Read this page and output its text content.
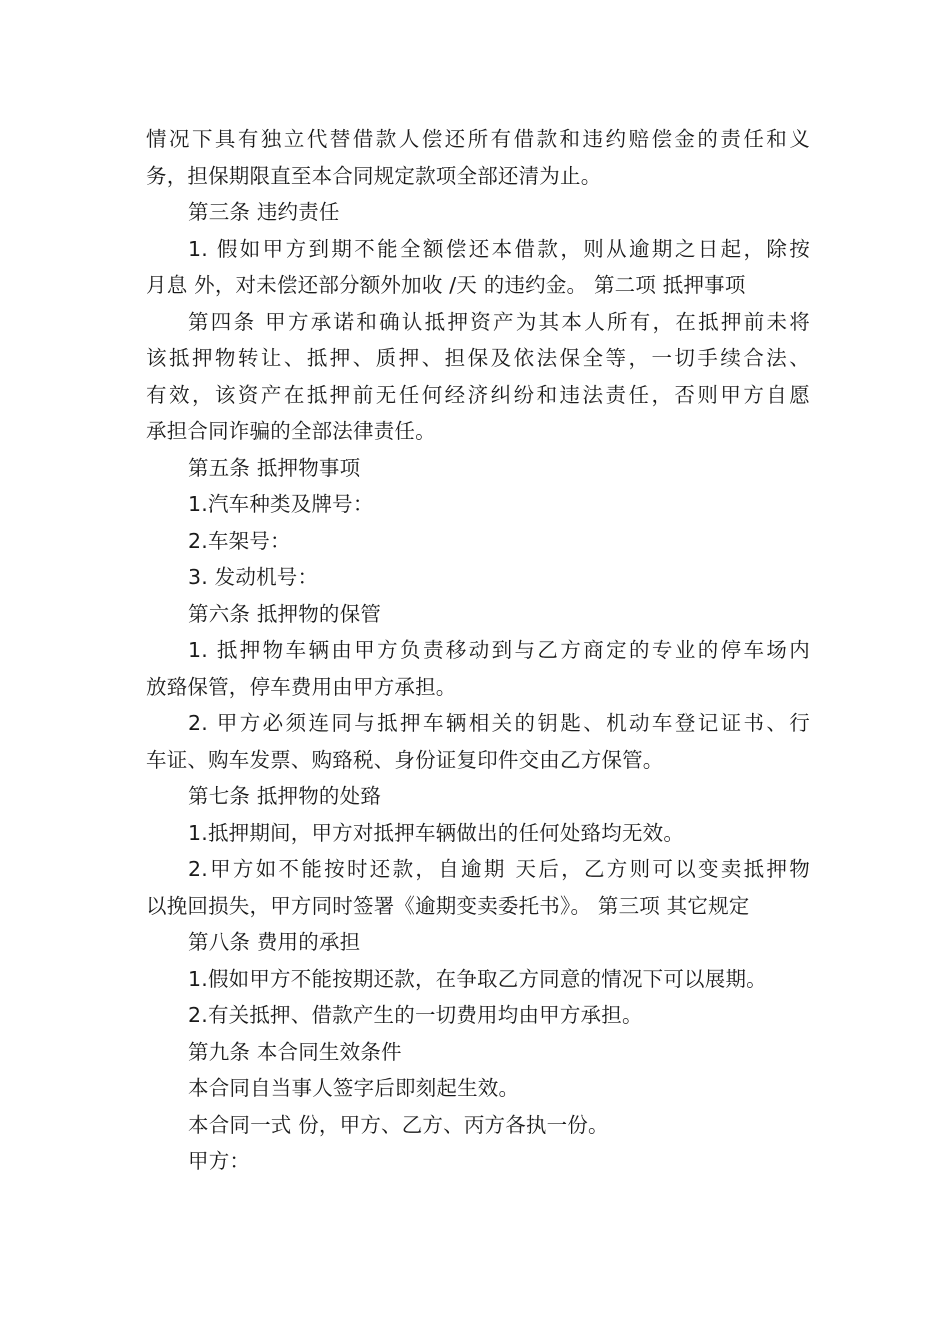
情况下具有独立代替借款人偿还所有借款和违约赔偿金的责任和义

务，担保期限直至本合同规定款项全部还清为止。

第三条 违约责任

1. 假如甲方到期不能全额偿还本借款，则从逾期之日起，除按

月息 外，对未偿还部分额外加收 /天 的违约金。 第二项 抵押事项

第四条 甲方承诺和确认抵押资产为其本人所有，在抵押前未将

该抵押物转让、抵押、质押、担保及依法保全等，一切手续合法、

有效，该资产在抵押前无任何经济纠纷和违法责任，否则甲方自愿

承担合同诈骗的全部法律责任。

第五条 抵押物事项

1.汽车种类及牌号：

2.车架号：

3. 发动机号：

第六条 抵押物的保管

1. 抵押物车辆由甲方负责移动到与乙方商定的专业的停车场内

放臵保管，停车费用由甲方承担。

2. 甲方必须连同与抵押车辆相关的钥匙、机动车登记证书、行

车证、购车发票、购臵税、身份证复印件交由乙方保管。

第七条 抵押物的处臵

1.抵押期间，甲方对抵押车辆做出的任何处臵均无效。

2.甲方如不能按时还款，自逾期 天后，乙方则可以变卖抵押物

以挽回损失，甲方同时签署《逾期变卖委托书》。 第三项 其它规定

第八条 费用的承担

1.假如甲方不能按期还款，在争取乙方同意的情况下可以展期。

2.有关抵押、借款产生的一切费用均由甲方承担。

第九条 本合同生效条件

本合同自当事人签字后即刻起生效。

本合同一式 份，甲方、乙方、丙方各执一份。

甲方：
